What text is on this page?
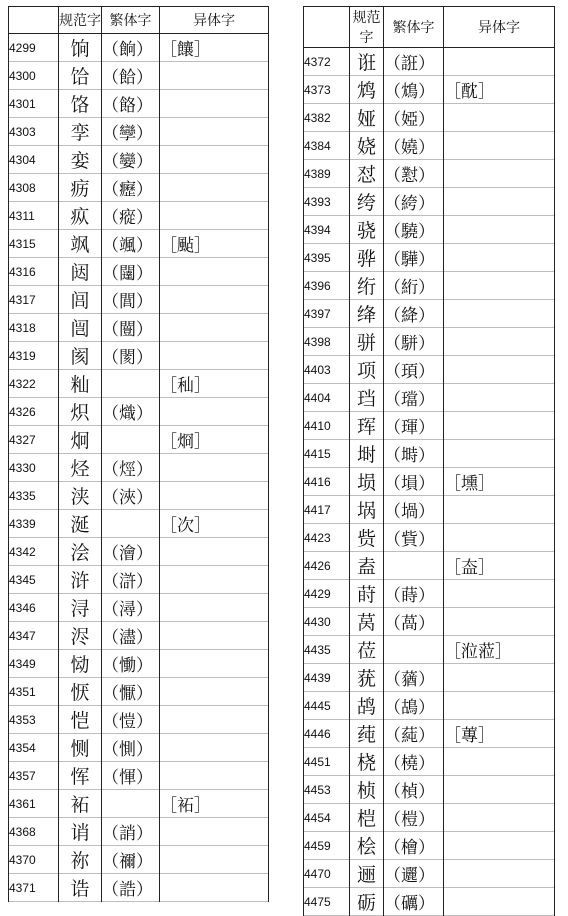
	规范字	繁体字	异体字
4299	饷	（餉）	［饟］
4300	饸	（餄）	
4301	饹	（餎）	
4303	孪	（孿）	
4304	娈	（孌）	
4308	疬	（癧）	
4311	疭	（瘲）	
4315	飒	（颯）	［颭］
4316	闼	（闥）	
4317	闾	（閭）	
4318	闿	（闓）	
4319	阂	（閡）	
4322	籼		［秈］
4326	炽	（熾）	
4327	炯		［烱］
4330	烃	（烴）	
4335	浃	（浹）	
4339	涎		［次］
4342	浍	（澮）	
4345	浒	（滸）	
4346	浔	（潯）	
4347	浕	（濜）	
4349	恸	（慟）	
4351	恹	（懨）	
4353	恺	（愷）	
4354	恻	（惻）	
4357	恽	（惲）	
4361	袥		［袥］
4368	诮	（誚）	
4370	祢	（禰）	
4371	诰	（誥）	
	规范字	繁体字	异体字
4372	诳	（誑）	
4373	鸩	（鴆）	［酖］
4382	娅	（婭）	
4384	娆	（嬈）	
4389	怼	（懟）	
4393	绔	（絝）	
4394	骁	（驍）	
4395	骅	（驊）	
4396	绗	（絎）	
4397	绛	（絳）	
4398	骈	（駢）	
4403	项	（頊）	
4404	珰	（璫）	
4410	珲	（琿）	
4415	埘	（塒）	
4416	埙	（塤）	［壎］
4417	埚	（堝）	
4423	赀	（貲）	
4426	盍		［盇］
4429	莳	（蒔）	
4430	莴	（萵）	
4435	莅		［涖蒞］
4439	莸	（蕕）	
4445	鸪	（鴣）	
4446	莼	（蒓）	［蓴］
4451	桡	（橈）	
4453	桢	（楨）	
4454	桤	（榿）	
4459	桧	（檜）	
4470	逦	（邐）	
4475	砺	（礪）	
